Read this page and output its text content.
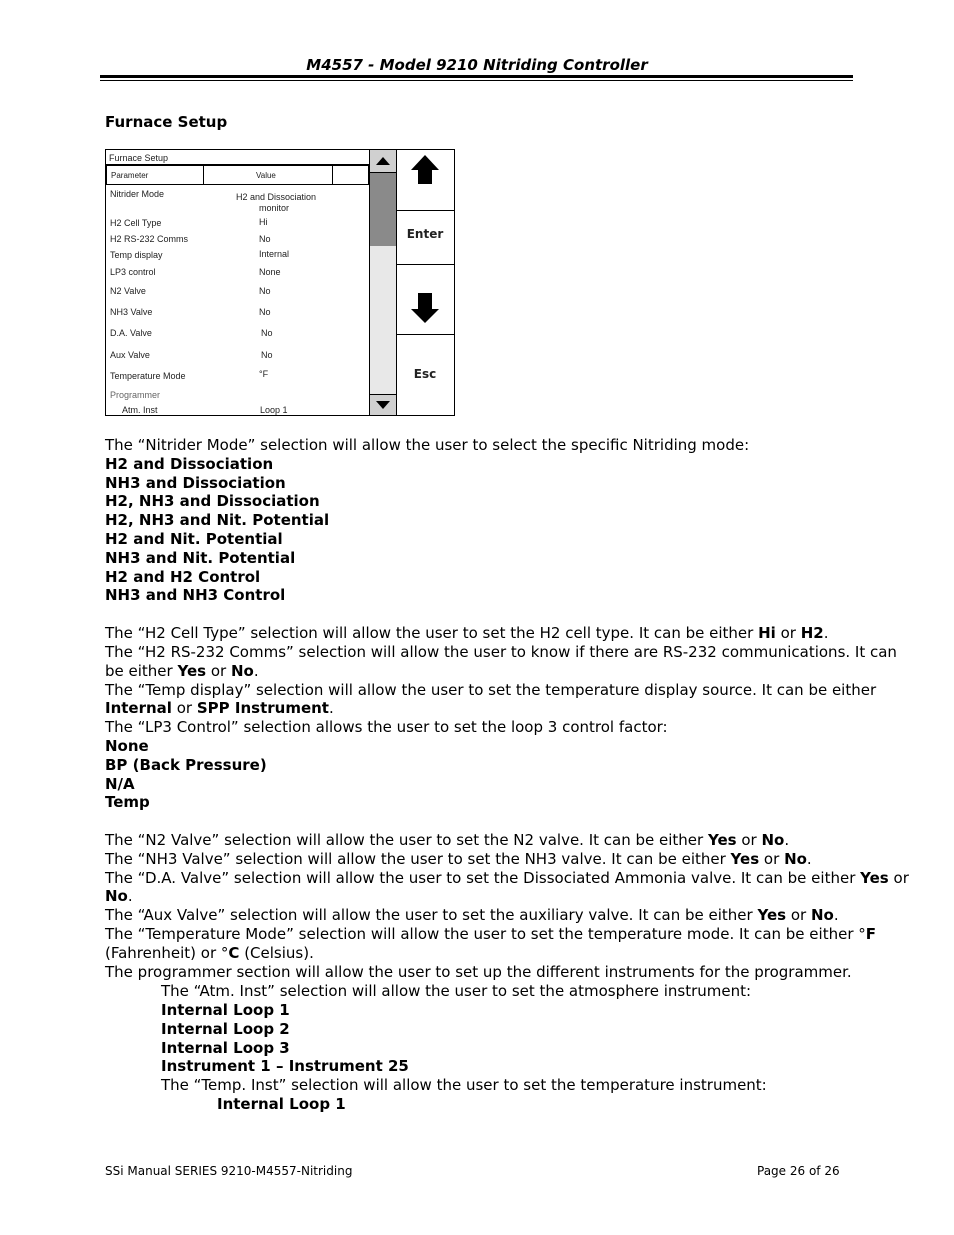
M4557 - Model 9210 Nitriding Controller
Furnace Setup
Furnace Setup
Parameter	Value
Nitrider Mode	H2 and Dissociation
monitor
H2 Cell Type	Hi
H2 RS-232 Comms	No
Temp display	Internal
LP3 control	None
N2 Valve	No
NH3 Valve	No
D.A. Valve	No
Aux Valve	No
Temperature Mode	°F
Programmer
Atm. Inst	Loop 1
Enter
Esc
The “Nitrider Mode” selection will allow the user to select the specific Nitriding mode:
H2 and Dissociation
NH3 and Dissociation
H2, NH3 and Dissociation
H2, NH3 and Nit. Potential
H2 and Nit. Potential
NH3 and Nit. Potential
H2 and H2 Control
NH3 and NH3 Control
The “H2 Cell Type” selection will allow the user to set the H2 cell type. It can be either Hi or H2.
The “H2 RS-232 Comms” selection will allow the user to know if there are RS-232 communications. It can
be either Yes or No.
The “Temp display” selection will allow the user to set the temperature display source. It can be either
Internal or SPP Instrument.
The “LP3 Control” selection allows the user to set the loop 3 control factor:
None
BP (Back Pressure)
N/A
Temp
The “N2 Valve” selection will allow the user to set the N2 valve. It can be either Yes or No.
The “NH3 Valve” selection will allow the user to set the NH3 valve. It can be either Yes or No.
The “D.A. Valve” selection will allow the user to set the Dissociated Ammonia valve. It can be either Yes or
No.
The “Aux Valve” selection will allow the user to set the auxiliary valve. It can be either Yes or No.
The “Temperature Mode” selection will allow the user to set the temperature mode. It can be either °F
(Fahrenheit) or °C (Celsius).
The programmer section will allow the user to set up the different instruments for the programmer.
The “Atm. Inst” selection will allow the user to set the atmosphere instrument:
Internal Loop 1
Internal Loop 2
Internal Loop 3
Instrument 1 – Instrument 25
The “Temp. Inst” selection will allow the user to set the temperature instrument:
Internal Loop 1
SSi Manual SERIES 9210-M4557-Nitriding	Page 26 of 26
